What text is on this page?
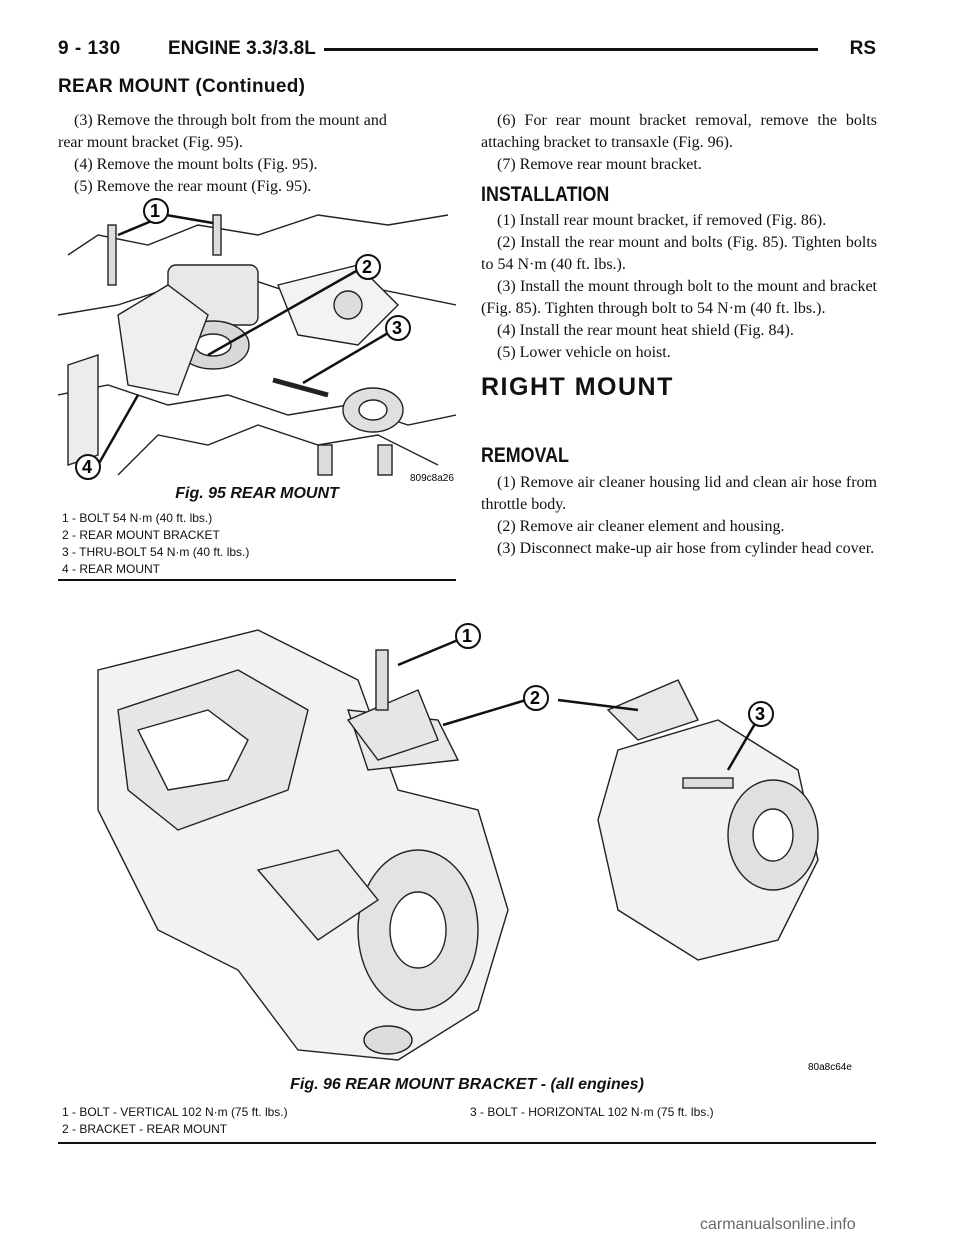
9 - 130 ENGINE 3.3/3.8L	RS
REAR MOUNT (Continued)

(3) Remove the through bolt from the mount and

rear mount bracket (Fig. 95).

(4) Remove the mount bolts (Fig. 95).

(5) Remove the rear mount (Fig. 95).

(6) For rear mount bracket removal, remove the bolts attaching bracket to transaxle (Fig. 96).

(7) Remove rear mount bracket.

INSTALLATION

(1) Install rear mount bracket, if removed (Fig. 86).

(2) Install the rear mount and bolts (Fig. 85). Tighten bolts to 54 N·m (40 ft. lbs.).

(3) Install the mount through bolt to the mount and bracket (Fig. 85). Tighten through bolt to 54 N·m (40 ft. lbs.).

(4) Install the rear mount heat shield (Fig. 84).

(5) Lower vehicle on hoist.

RIGHT MOUNT
REMOVAL

(1) Remove air cleaner housing lid and clean air hose from throttle body.

(2) Remove air cleaner element and housing.

(3) Disconnect make-up air hose from cylinder head cover.

1
2
3
4
809c8a26
Fig. 95 REAR MOUNT
1 - BOLT 54 N·m (40 ft. lbs.)
2 - REAR MOUNT BRACKET
3 - THRU-BOLT 54 N·m (40 ft. lbs.)
4 - REAR MOUNT
1
2
3
80a8c64e
Fig. 96 REAR MOUNT BRACKET - (all engines)
1 - BOLT - VERTICAL 102 N·m (75 ft. lbs.)
2 - BRACKET - REAR MOUNT
3 - BOLT - HORIZONTAL 102 N·m (75 ft. lbs.)
carmanualsonline.info
